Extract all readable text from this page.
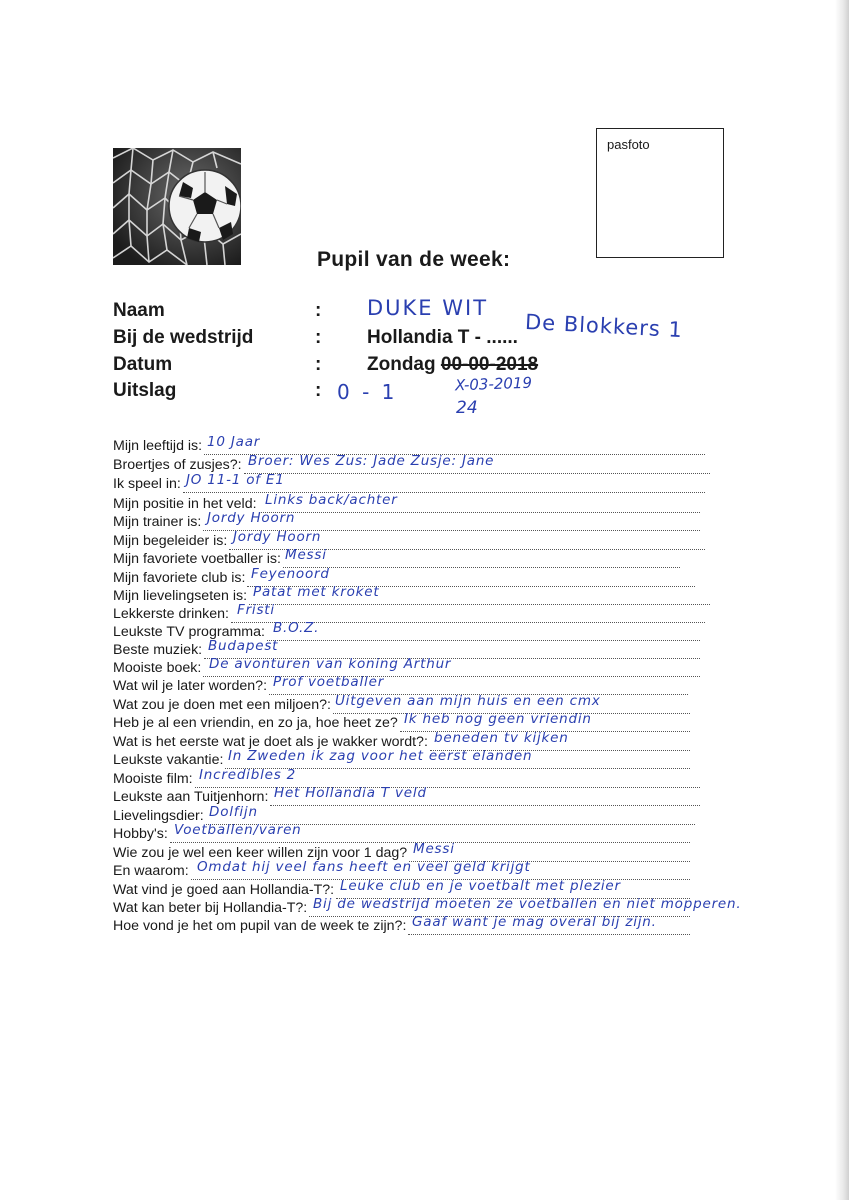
pasfoto
Pupil van de week:
Naam	: DUKE WIT
Bij de wedstrijd	: Hollandia T - ...... De Blokkers 1
Datum	: Zondag 00-00-2018
X-03-2019
24
Uitslag	: 0 - 1
Mijn leeftijd is: 10 Jaar
Broertjes of zusjes?: Broer: Wes Zus: Jade Zusje: Jane
Ik speel in: JO 11-1 of E1
Mijn positie in het veld: Links back/achter
Mijn trainer is: Jordy Hoorn
Mijn begeleider is: Jordy Hoorn
Mijn favoriete voetballer is: Messi
Mijn favoriete club is: Feyenoord
Mijn lievelingseten is: Patat met kroket
Lekkerste drinken: Fristi
Leukste TV programma: B.O.Z.
Beste muziek: Budapest
Mooiste boek: De avonturen van koning Arthur
Wat wil je later worden?: Prof voetballer
Wat zou je doen met een miljoen?: Uitgeven aan mijn huis en een cmx
Heb je al een vriendin, en zo ja, hoe heet ze? Ik heb nog geen vriendin
Wat is het eerste wat je doet als je wakker wordt?: beneden tv kijken
Leukste vakantie: In Zweden ik zag voor het eerst elanden
Mooiste film: Incredibles 2
Leukste aan Tuitjenhorn: Het Hollandia T veld
Lievelingsdier: Dolfijn
Hobby's: Voetballen/varen
Wie zou je wel een keer willen zijn voor 1 dag? Messi
En waarom: Omdat hij veel fans heeft en veel geld krijgt
Wat vind je goed aan Hollandia-T?: Leuke club en je voetbalt met plezier
Wat kan beter bij Hollandia-T?: Bij de wedstrijd moeten ze voetballen en niet mopperen.
Hoe vond je het om pupil van de week te zijn?: Gaaf want je mag overal bij zijn.
